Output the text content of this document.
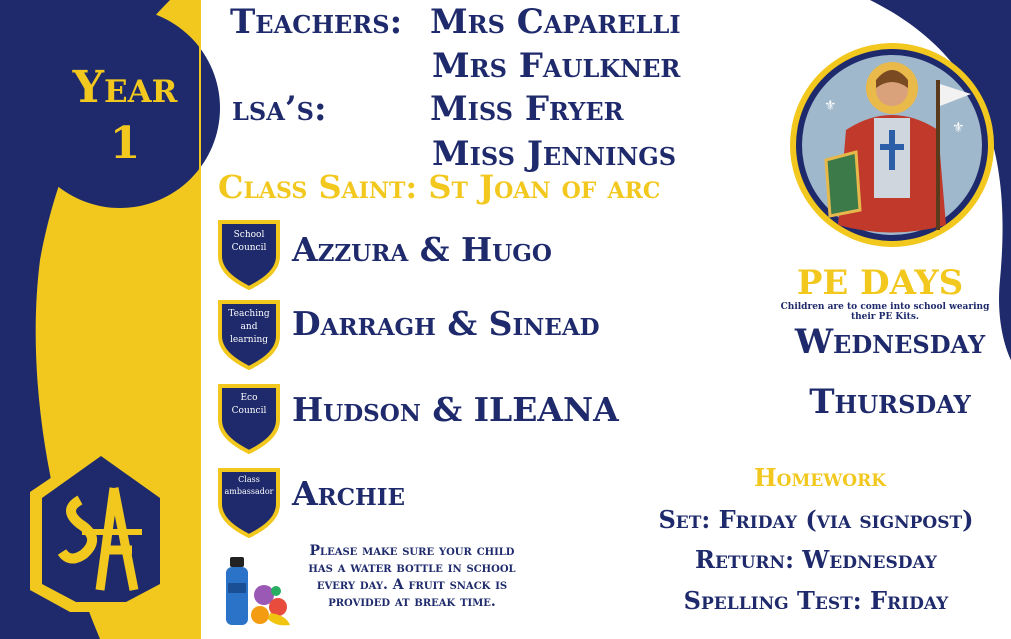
Year
1
Teachers: Mrs Caparelli
Mrs Faulkner
lsa’s:	Miss Fryer
Miss Jennings
Class Saint: St Joan of arc
School
Council Azzura & Hugo
Teaching
and
learning Darragh & Sinead
Eco
Council Hudson & ILEANA
Class
ambassador Archie
⚜
⚜
PE DAYS
Children are to come into school wearing their PE Kits.
Wednesday
Thursday
Homework
Set: Friday (via signpost)
Return: Wednesday
Spelling Test: Friday
Please make sure your child has a water bottle in school every day. A fruit snack is provided at break time.
